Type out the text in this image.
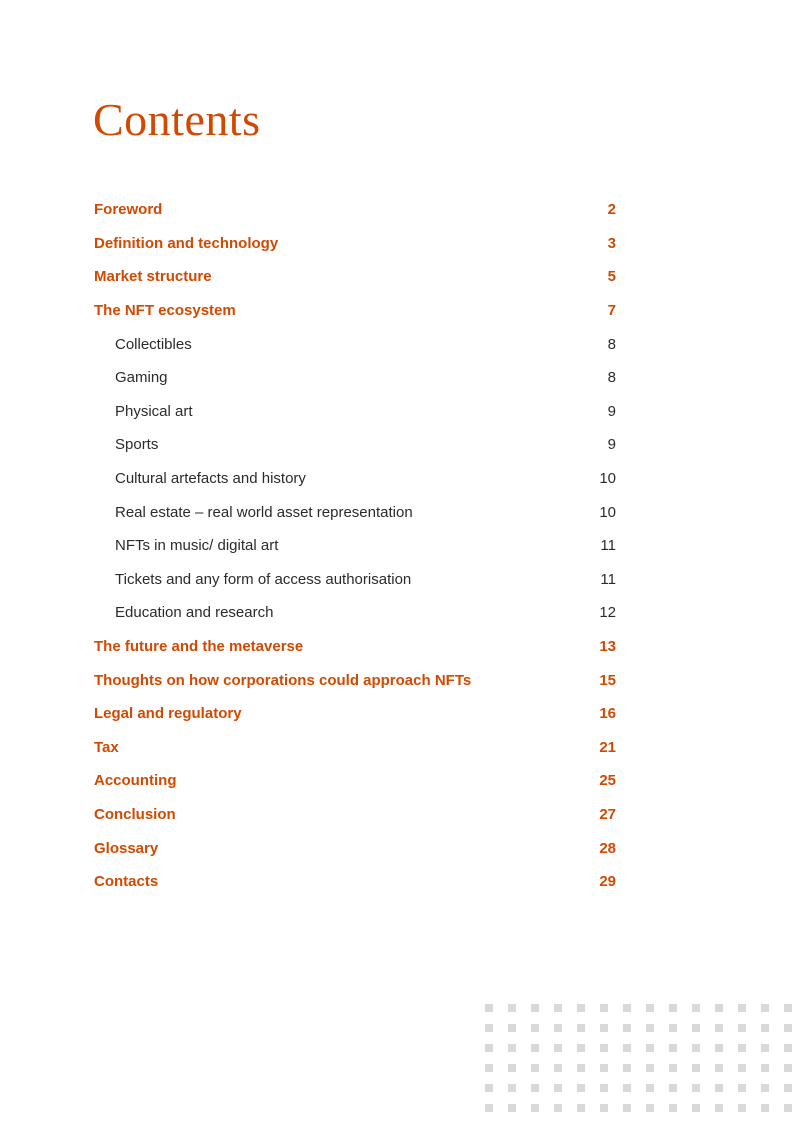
Contents
Foreword	2
Definition and technology	3
Market structure	5
The NFT ecosystem	7
Collectibles	8
Gaming	8
Physical art	9
Sports	9
Cultural artefacts and history	10
Real estate – real world asset representation	10
NFTs in music/ digital art	11
Tickets and any form of access authorisation	11
Education and research	12
The future and the metaverse	13
Thoughts on how corporations could approach NFTs	15
Legal and regulatory	16
Tax	21
Accounting	25
Conclusion	27
Glossary	28
Contacts	29
